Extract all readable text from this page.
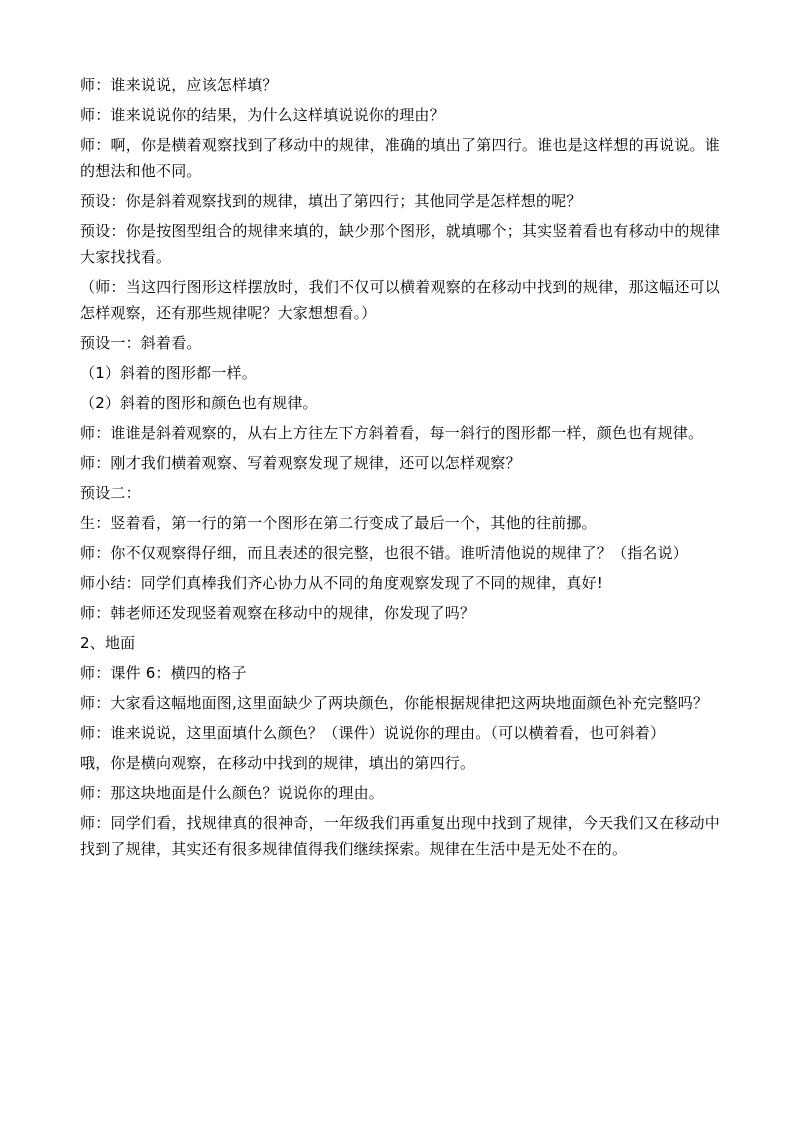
师：谁来说说，应该怎样填？

师：谁来说说你的结果，为什么这样填说说你的理由？

师：啊，你是横着观察找到了移动中的规律，准确的填出了第四行。谁也是这样想的再说说。谁的想法和他不同。

预设：你是斜着观察找到的规律，填出了第四行；其他同学是怎样想的呢？

预设：你是按图型组合的规律来填的，缺少那个图形，就填哪个；其实竖着看也有移动中的规律大家找找看。

（师：当这四行图形这样摆放时，我们不仅可以横着观察的在移动中找到的规律，那这幅还可以怎样观察，还有那些规律呢？大家想想看。）

预设一：斜着看。

（1）斜着的图形都一样。

（2）斜着的图形和颜色也有规律。

师：谁谁是斜着观察的，从右上方往左下方斜着看，每一斜行的图形都一样，颜色也有规律。

师：刚才我们横着观察、写着观察发现了规律，还可以怎样观察？

预设二：

生：竖着看，第一行的第一个图形在第二行变成了最后一个，其他的往前挪。

师：你不仅观察得仔细，而且表述的很完整，也很不错。谁听清他说的规律了？（指名说）

师小结：同学们真棒我们齐心协力从不同的角度观察发现了不同的规律，真好!

师：韩老师还发现竖着观察在移动中的规律，你发现了吗？

2、地面

师：课件 6：横四的格子

师：大家看这幅地面图,这里面缺少了两块颜色，你能根据规律把这两块地面颜色补充完整吗？

师：谁来说说，这里面填什么颜色？（课件）说说你的理由。（可以横着看，也可斜着）

哦，你是横向观察，在移动中找到的规律，填出的第四行。

师：那这块地面是什么颜色？说说你的理由。

师：同学们看，找规律真的很神奇，一年级我们再重复出现中找到了规律，今天我们又在移动中找到了规律，其实还有很多规律值得我们继续探索。规律在生活中是无处不在的。
